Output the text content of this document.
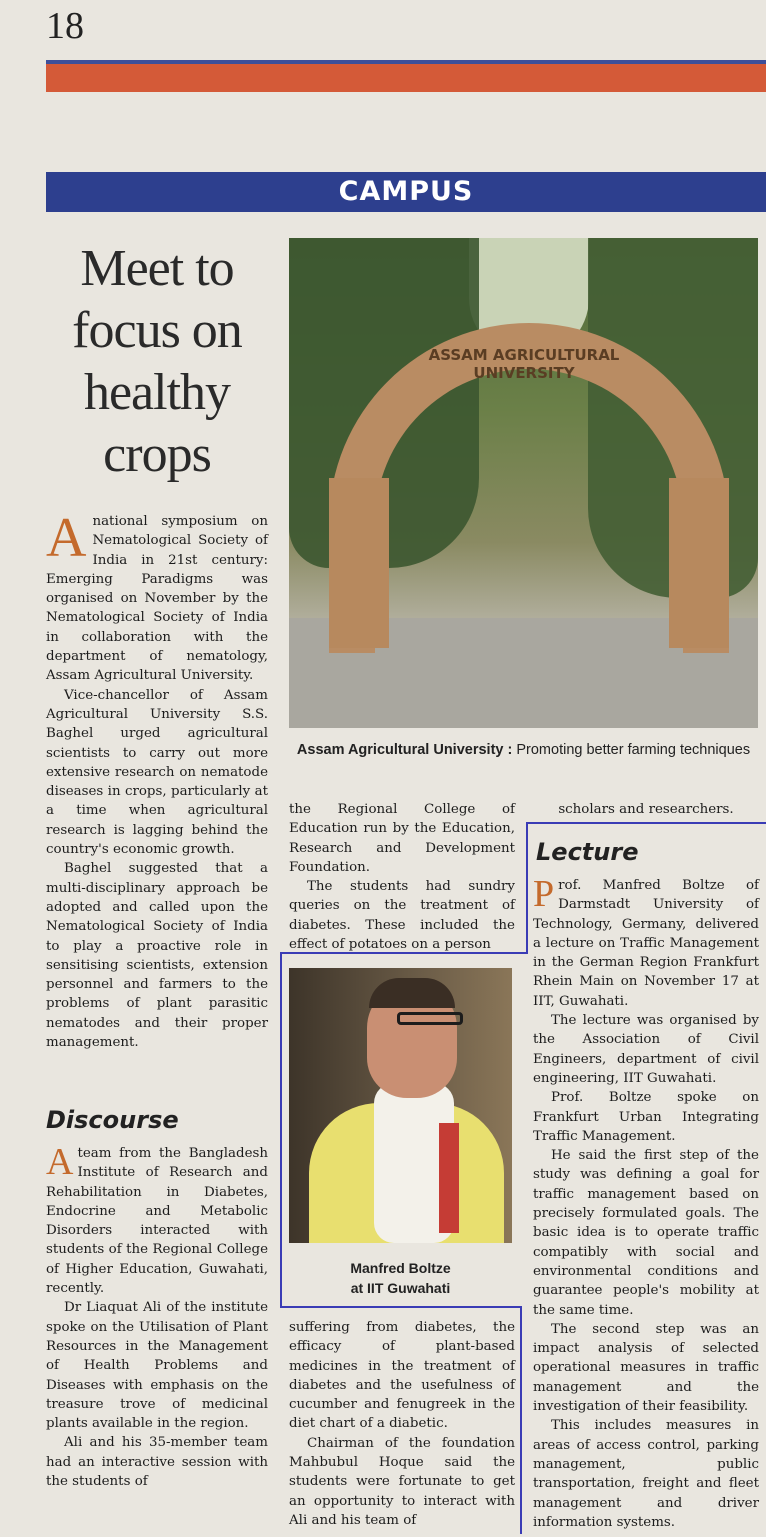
18
CAMPUS
Meet to focus on healthy crops
ASSAM AGRICULTURAL UNIVERSITY
Assam Agricultural University : Promoting better farming techniques

Anational symposium on Nematological Society of India in 21st century: Emerging Paradigms was organised on November by the Nematological Society of India in collaboration with the department of nematology, Assam Agricultural University.

Vice-chancellor of Assam Agricultural University S.S. Baghel urged agricultural scientists to carry out more extensive research on nematode diseases in crops, particularly at a time when agricultural research is lagging behind the country's economic growth.

Baghel suggested that a multi-disciplinary approach be adopted and called upon the Nematological Society of India to play a proactive role in sensitising scientists, extension personnel and farmers to the problems of plant parasitic nematodes and their proper management.

Discourse

Ateam from the Bangladesh Institute of Research and Rehabilitation in Diabetes, Endocrine and Metabolic Disorders interacted with students of the Regional College of Higher Education, Guwahati, recently.

Dr Liaquat Ali of the institute spoke on the Utilisation of Plant Resources in the Management of Health Problems and Diseases with emphasis on the treasure trove of medicinal plants available in the region.

Ali and his 35-member team had an interactive session with the students of

the Regional College of Education run by the Education, Research and Development Foundation.

The students had sundry queries on the treatment of diabetes. These included the effect of potatoes on a person

Manfred Boltze
at IIT Guwahati

suffering from diabetes, the efficacy of plant-based medicines in the treatment of diabetes and the usefulness of cucumber and fenugreek in the diet chart of a diabetic.

Chairman of the foundation Mahbubul Hoque said the students were fortunate to get an opportunity to interact with Ali and his team of

scholars and researchers.

Lecture

Prof. Manfred Boltze of Darmstadt University of Technology, Germany, delivered a lecture on Traffic Management in the German Region Frankfurt Rhein Main on November 17 at IIT, Guwahati.

The lecture was organised by the Association of Civil Engineers, department of civil engineering, IIT Guwahati.

Prof. Boltze spoke on Frankfurt Urban Integrating Traffic Management.

He said the first step of the study was defining a goal for traffic management based on precisely formulated goals. The basic idea is to operate traffic compatibly with social and environmental conditions and guarantee people's mobility at the same time.

The second step was an impact analysis of selected operational measures in traffic management and the investigation of their feasibility.

This includes measures in areas of access control, parking management, public transportation, freight and fleet management and driver information systems.
